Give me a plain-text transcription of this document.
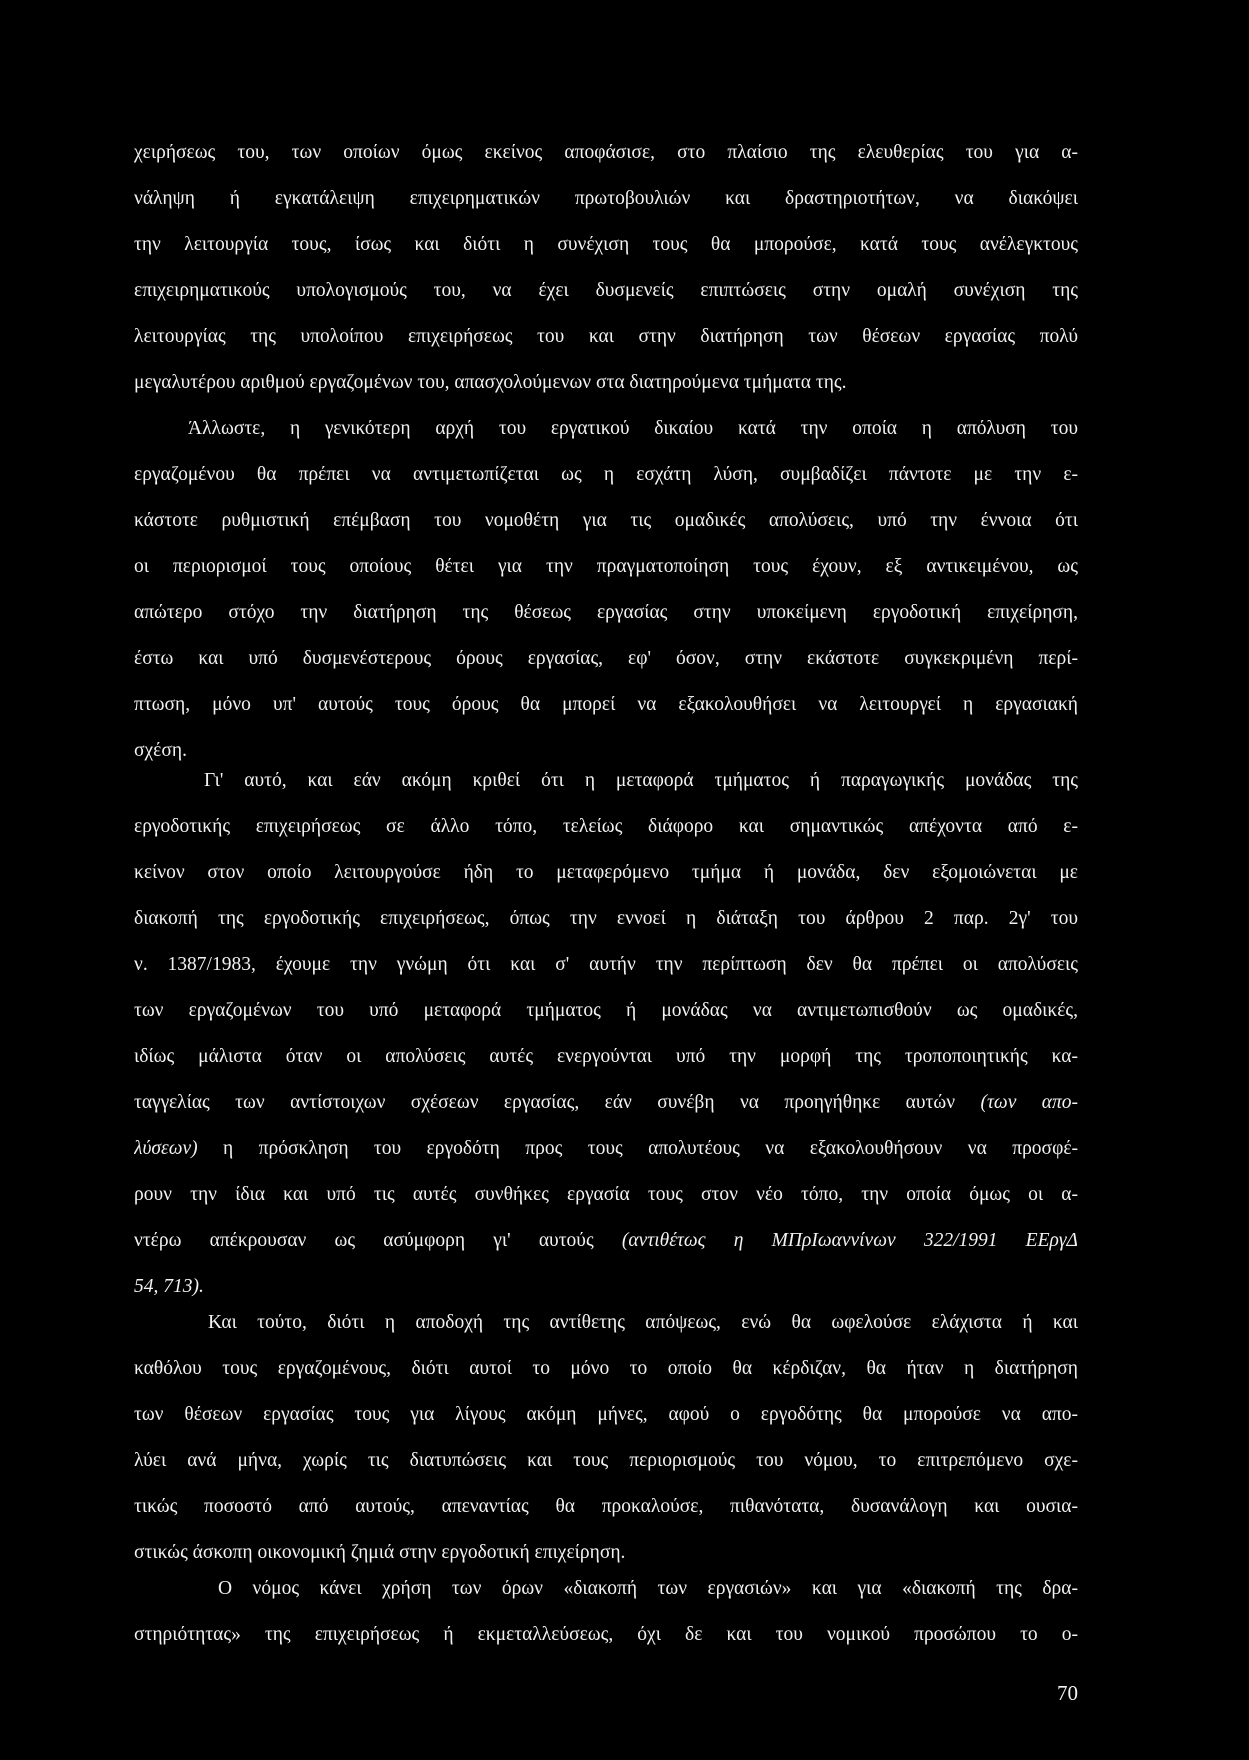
χειρήσεως του, των οποίων όμως εκείνος αποφάσισε, στο πλαίσιο της ελευθερίας του για α-
νάληψη ή εγκατάλειψη επιχειρηματικών πρωτοβουλιών και δραστηριοτήτων, να διακόψει
την λειτουργία τους, ίσως και διότι η συνέχιση τους θα μπορούσε, κατά τους ανέλεγκτους
επιχειρηματικούς υπολογισμούς του, να έχει δυσμενείς επιπτώσεις στην ομαλή συνέχιση της
λειτουργίας της υπολοίπου επιχειρήσεως του και στην διατήρηση των θέσεων εργασίας πολύ
μεγαλυτέρου αριθμού εργαζομένων του, απασχολούμενων στα διατηρούμενα τμήματα της.
Άλλωστε, η γενικότερη αρχή του εργατικού δικαίου κατά την οποία η απόλυση του
εργαζομένου θα πρέπει να αντιμετωπίζεται ως η εσχάτη λύση, συμβαδίζει πάντοτε με την ε-
κάστοτε ρυθμιστική επέμβαση του νομοθέτη για τις ομαδικές απολύσεις, υπό την έννοια ότι
οι περιορισμοί τους οποίους θέτει για την πραγματοποίηση τους έχουν, εξ αντικειμένου, ως
απώτερο στόχο την διατήρηση της θέσεως εργασίας στην υποκείμενη εργοδοτική επιχείρηση,
έστω και υπό δυσμενέστερους όρους εργασίας, εφ' όσον, στην εκάστοτε συγκεκριμένη περί-
πτωση, μόνο υπ' αυτούς τους όρους θα μπορεί να εξακολουθήσει να λειτουργεί η εργασιακή
σχέση.
Γι' αυτό, και εάν ακόμη κριθεί ότι η μεταφορά τμήματος ή παραγωγικής μονάδας της
εργοδοτικής επιχειρήσεως σε άλλο τόπο, τελείως διάφορο και σημαντικώς απέχοντα από ε-
κείνον στον οποίο λειτουργούσε ήδη το μεταφερόμενο τμήμα ή μονάδα, δεν εξομοιώνεται με
διακοπή της εργοδοτικής επιχειρήσεως, όπως την εννοεί η διάταξη του άρθρου 2 παρ. 2γ' του
ν. 1387/1983, έχουμε την γνώμη ότι και σ' αυτήν την περίπτωση δεν θα πρέπει οι απολύσεις
των εργαζομένων του υπό μεταφορά τμήματος ή μονάδας να αντιμετωπισθούν ως ομαδικές,
ιδίως μάλιστα όταν οι απολύσεις αυτές ενεργούνται υπό την μορφή της τροποποιητικής κα-
ταγγελίας των αντίστοιχων σχέσεων εργασίας, εάν συνέβη να προηγήθηκε αυτών (των απο-
λύσεων) η πρόσκληση του εργοδότη προς τους απολυτέους να εξακολουθήσουν να προσφέ-
ρουν την ίδια και υπό τις αυτές συνθήκες εργασία τους στον νέο τόπο, την οποία όμως οι α-
ντέρω απέκρουσαν ως ασύμφορη γι' αυτούς (αντιθέτως η ΜΠρΙωαννίνων 322/1991 ΕΕργΔ
54, 713).
Και τούτο, διότι η αποδοχή της αντίθετης απόψεως, ενώ θα ωφελούσε ελάχιστα ή και
καθόλου τους εργαζομένους, διότι αυτοί το μόνο το οποίο θα κέρδιζαν, θα ήταν η διατήρηση
των θέσεων εργασίας τους για λίγους ακόμη μήνες, αφού ο εργοδότης θα μπορούσε να απο-
λύει ανά μήνα, χωρίς τις διατυπώσεις και τους περιορισμούς του νόμου, το επιτρεπόμενο σχε-
τικώς ποσοστό από αυτούς, απεναντίας θα προκαλούσε, πιθανότατα, δυσανάλογη και ουσια-
στικώς άσκοπη οικονομική ζημιά στην εργοδοτική επιχείρηση.
Ο νόμος κάνει χρήση των όρων «διακοπή των εργασιών» και για «διακοπή της δρα-
στηριότητας» της επιχειρήσεως ή εκμεταλλεύσεως, όχι δε και του νομικού προσώπου το ο-
70
